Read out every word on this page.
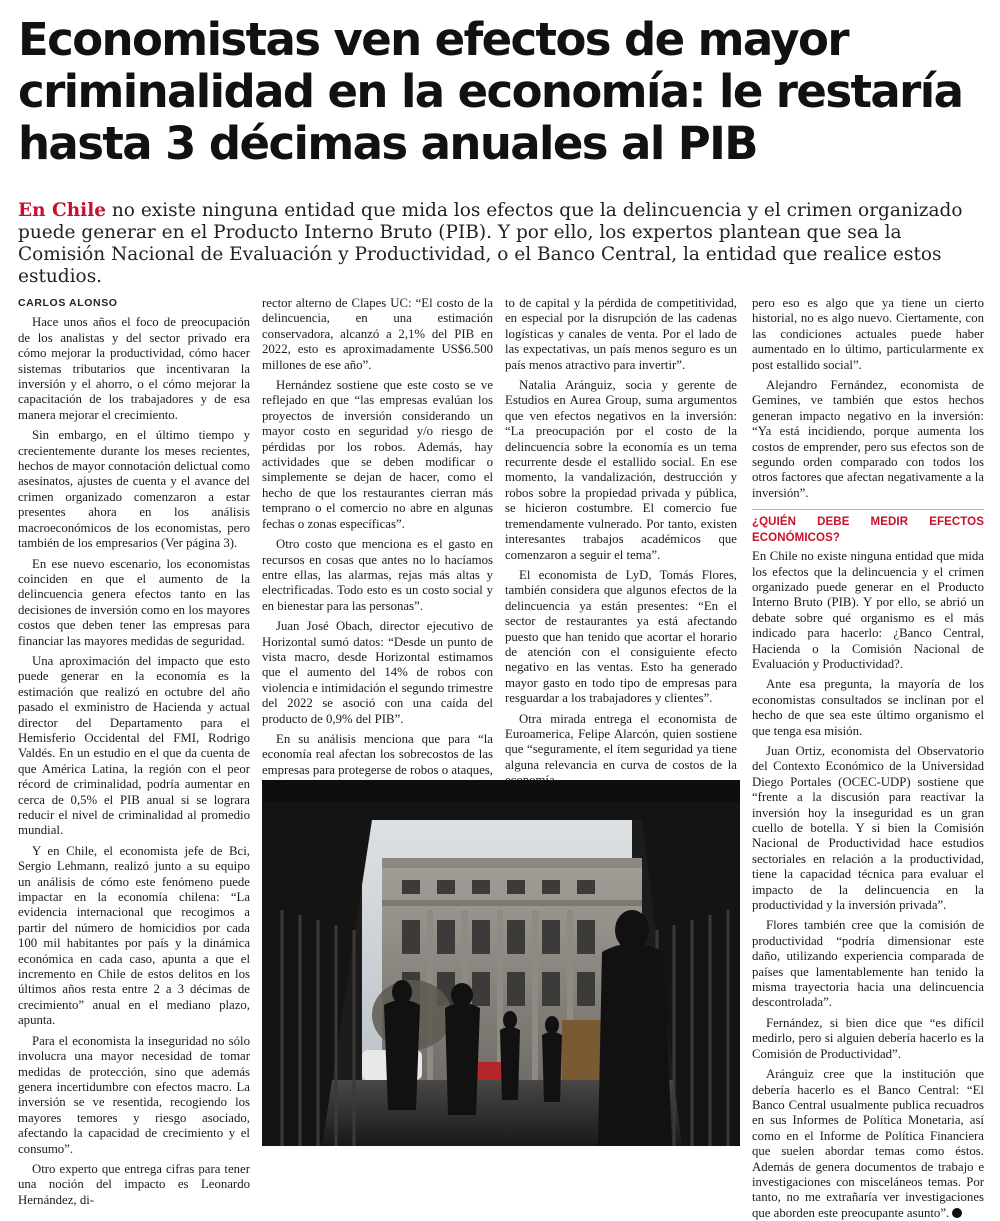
Economistas ven efectos de mayor criminalidad en la economía: le restaría hasta 3 décimas anuales al PIB

En Chile no existe ninguna entidad que mida los efectos que la delincuencia y el crimen organizado puede generar en el Producto Interno Bruto (PIB). Y por ello, los expertos plantean que sea la Comisión Nacional de Evaluación y Productividad, o el Banco Central, la entidad que realice estos estudios.

CARLOS ALONSO

Hace unos años el foco de preocupación de los analistas y del sector privado era cómo mejorar la productividad, cómo hacer sistemas tributarios que incentivaran la inversión y el ahorro, o el cómo mejorar la capacitación de los trabajadores y de esa manera mejorar el crecimiento.

Sin embargo, en el último tiempo y crecientemente durante los meses recientes, hechos de mayor connotación delictual como asesinatos, ajustes de cuenta y el avance del crimen organizado comenzaron a estar presentes ahora en los análisis macroeconómicos de los economistas, pero también de los empresarios (Ver página 3).

En ese nuevo escenario, los economistas coinciden en que el aumento de la delincuencia genera efectos tanto en las decisiones de inversión como en los mayores costos que deben tener las empresas para financiar las mayores medidas de seguridad.

Una aproximación del impacto que esto puede generar en la economía es la estimación que realizó en octubre del año pasado el exministro de Hacienda y actual director del Departamento para el Hemisferio Occidental del FMI, Rodrigo Valdés. En un estudio en el que da cuenta de que América Latina, la región con el peor récord de criminalidad, podría aumentar en cerca de 0,5% el PIB anual si se lograra reducir el nivel de criminalidad al promedio mundial.

Y en Chile, el economista jefe de Bci, Sergio Lehmann, realizó junto a su equipo un análisis de cómo este fenómeno puede impactar en la economía chilena: “La evidencia internacional que recogimos a partir del número de homicidios por cada 100 mil habitantes por país y la dinámica económica en cada caso, apunta a que el incremento en Chile de estos delitos en los últimos años resta entre 2 a 3 décimas de crecimiento” anual en el mediano plazo, apunta.

Para el economista la inseguridad no sólo involucra una mayor necesidad de tomar medidas de protección, sino que además genera incertidumbre con efectos macro. La inversión se ve resentida, recogiendo los mayores temores y riesgo asociado, afectando la capacidad de crecimiento y el consumo”.

Otro experto que entrega cifras para tener una noción del impacto es Leonardo Hernández, di-

rector alterno de Clapes UC: “El costo de la delincuencia, en una estimación conservadora, alcanzó a 2,1% del PIB en 2022, esto es aproximadamente US$6.500 millones de ese año”.

Hernández sostiene que este costo se ve reflejado en que “las empresas evalúan los proyectos de inversión considerando un mayor costo en seguridad y/o riesgo de pérdidas por los robos. Además, hay actividades que se deben modificar o simplemente se dejan de hacer, como el hecho de que los restaurantes cierran más temprano o el comercio no abre en algunas fechas o zonas específicas”.

Otro costo que menciona es el gasto en recursos en cosas que antes no lo hacíamos entre ellas, las alarmas, rejas más altas y electrificadas. Todo esto es un costo social y en bienestar para las personas”.

Juan José Obach, director ejecutivo de Horizontal sumó datos: “Desde un punto de vista macro, desde Horizontal estimamos que el aumento del 14% de robos con violencia e intimidación el segundo trimestre del 2022 se asoció con una caída del producto de 0,9% del PIB”.

En su análisis menciona que para “la economía real afectan los sobrecostos de las empresas para protegerse de robos o ataques,

to de capital y la pérdida de competitividad, en especial por la disrupción de las cadenas logísticas y canales de venta. Por el lado de las expectativas, un país menos seguro es un país menos atractivo para invertir”.

Natalia Aránguiz, socia y gerente de Estudios en Aurea Group, suma argumentos que ven efectos negativos en la inversión: “La preocupación por el costo de la delincuencia sobre la economía es un tema recurrente desde el estallido social. En ese momento, la vandalización, destrucción y robos sobre la propiedad privada y pública, se hicieron costumbre. El comercio fue tremendamente vulnerado. Por tanto, existen interesantes trabajos académicos que comenzaron a seguir el tema”.

El economista de LyD, Tomás Flores, también considera que algunos efectos de la delincuencia ya están presentes: “En el sector de restaurantes ya está afectando puesto que han tenido que acortar el horario de atención con el consiguiente efecto negativo en las ventas. Esto ha generado mayor gasto en todo tipo de empresas para resguardar a los trabajadores y clientes”.

Otra mirada entrega el economista de Euroamerica, Felipe Alarcón, quien sostiene que “seguramente, el ítem seguridad ya tiene alguna relevancia en curva de costos de la

pero eso es algo que ya tiene un cierto historial, no es algo nuevo. Ciertamente, con las condiciones actuales puede haber aumentado en lo último, particularmente ex post estallido social”.

Alejandro Fernández, economista de Gemines, ve también que estos hechos generan impacto negativo en la inversión: “Ya está incidiendo, porque aumenta los costos de emprender, pero sus efectos son de segundo orden comparado con todos los otros factores que afectan negativamente a la inversión”.

¿QUIÉN DEBE MEDIR EFECTOS ECONÓMICOS?

En Chile no existe ninguna entidad que mida los efectos que la delincuencia y el crimen organizado puede generar en el Producto Interno Bruto (PIB). Y por ello, se abrió un debate sobre qué organismo es el más indicado para hacerlo: ¿Banco Central, Hacienda o la Comisión Nacional de Evaluación y Productividad?.

Ante esa pregunta, la mayoría de los economistas consultados se inclinan por el hecho de que sea este último organismo el que tenga esa misión.

Juan Ortiz, economista del Observatorio del Contexto Económico de la Universidad Diego Portales (OCEC-UDP) sostiene que “frente a la discusión para reactivar la inversión hoy la inseguridad es un gran cuello de botella. Y si bien la Comisión Nacional de Productividad hace estudios sectoriales en relación a la productividad, tiene la capacidad técnica para evaluar el impacto de la delincuencia en la productividad y la inversión privada”.

Flores también cree que la comisión de productividad “podría dimensionar este daño, utilizando experiencia comparada de países que lamentablemente han tenido la misma trayectoria hacia una delincuencia descontrolada”.

Fernández, si bien dice que “es difícil medirlo, pero si alguien debería hacerlo es la Comisión de Productividad”.

Aránguiz cree que la institución que debería hacerlo es el Banco Central: “El Banco Central usualmente publica recuadros en sus Informes de Política Monetaria, así como en el Informe de Política Financiera que suelen abordar temas como éstos. Además de genera documentos de trabajo e investigaciones con misceláneos temas. Por tanto, no me extrañaría ver investigaciones que aborden este preocupante asunto”.
